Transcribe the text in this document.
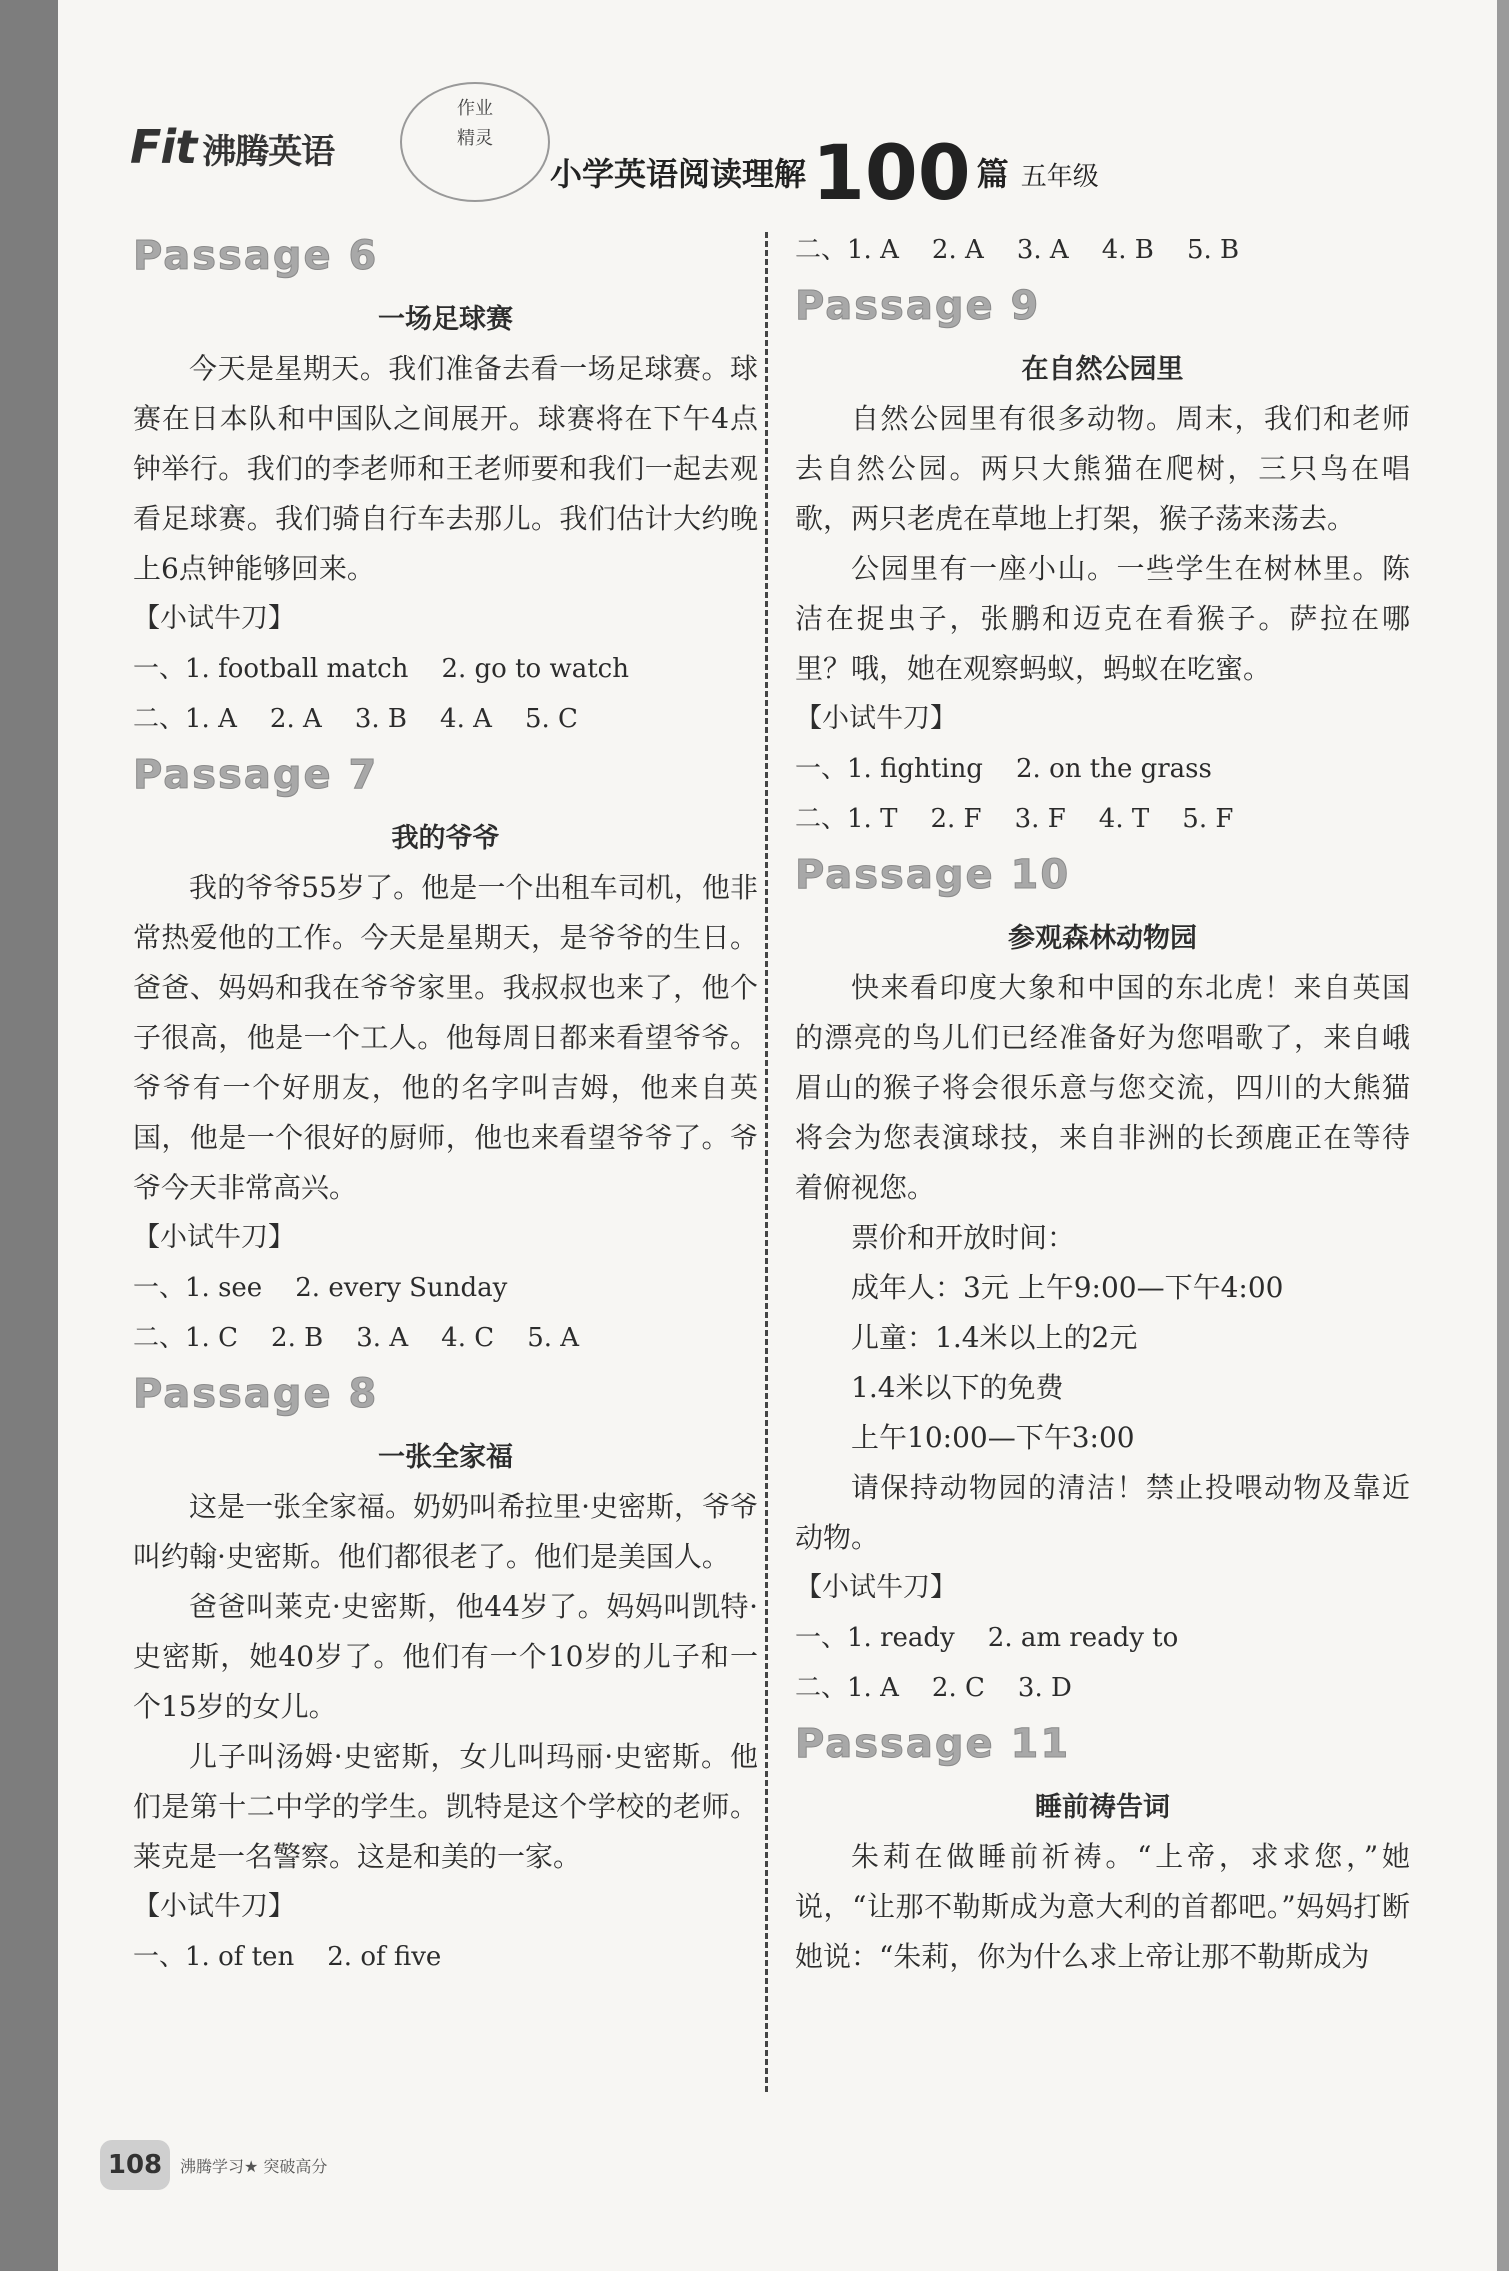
Fit 沸腾英语
作业
精灵
小学英语阅读理解100 篇 五年级
Passage 6
一场足球赛

今天是星期天。我们准备去看一场足球赛。球赛在日本队和中国队之间展开。球赛将在下午4点钟举行。我们的李老师和王老师要和我们一起去观看足球赛。我们骑自行车去那儿。我们估计大约晚上6点钟能够回来。

【小试牛刀】

一、1. football match    2. go to watch

二、1. A    2. A    3. B    4. A    5. C

Passage 7
我的爷爷

我的爷爷55岁了。他是一个出租车司机，他非常热爱他的工作。今天是星期天，是爷爷的生日。爸爸、妈妈和我在爷爷家里。我叔叔也来了，他个子很高，他是一个工人。他每周日都来看望爷爷。爷爷有一个好朋友，他的名字叫吉姆，他来自英国，他是一个很好的厨师，他也来看望爷爷了。爷爷今天非常高兴。

【小试牛刀】

一、1. see    2. every Sunday

二、1. C    2. B    3. A    4. C    5. A

Passage 8
一张全家福

这是一张全家福。奶奶叫希拉里·史密斯，爷爷叫约翰·史密斯。他们都很老了。他们是美国人。

爸爸叫莱克·史密斯，他44岁了。妈妈叫凯特·史密斯，她40岁了。他们有一个10岁的儿子和一个15岁的女儿。

儿子叫汤姆·史密斯，女儿叫玛丽·史密斯。他们是第十二中学的学生。凯特是这个学校的老师。莱克是一名警察。这是和美的一家。

【小试牛刀】

一、1. of ten    2. of five

二、1. A    2. A    3. A    4. B    5. B

Passage 9
在自然公园里

自然公园里有很多动物。周末，我们和老师去自然公园。两只大熊猫在爬树，三只鸟在唱歌，两只老虎在草地上打架，猴子荡来荡去。

公园里有一座小山。一些学生在树林里。陈洁在捉虫子，张鹏和迈克在看猴子。萨拉在哪里？哦，她在观察蚂蚁，蚂蚁在吃蜜。

【小试牛刀】

一、1. fighting    2. on the grass

二、1. T    2. F    3. F    4. T    5. F

Passage 10
参观森林动物园

快来看印度大象和中国的东北虎！来自英国的漂亮的鸟儿们已经准备好为您唱歌了，来自峨眉山的猴子将会很乐意与您交流，四川的大熊猫将会为您表演球技，来自非洲的长颈鹿正在等待着俯视您。

票价和开放时间：

成年人：3元 上午9:00—下午4:00

儿童：1.4米以上的2元

1.4米以下的免费

上午10:00—下午3:00

请保持动物园的清洁！禁止投喂动物及靠近动物。

【小试牛刀】

一、1. ready    2. am ready to

二、1. A    2. C    3. D

Passage 11
睡前祷告词

朱莉在做睡前祈祷。“上帝，求求您，”她说，“让那不勒斯成为意大利的首都吧。”妈妈打断她说：“朱莉，你为什么求上帝让那不勒斯成为

108	沸腾学习★ 突破高分
